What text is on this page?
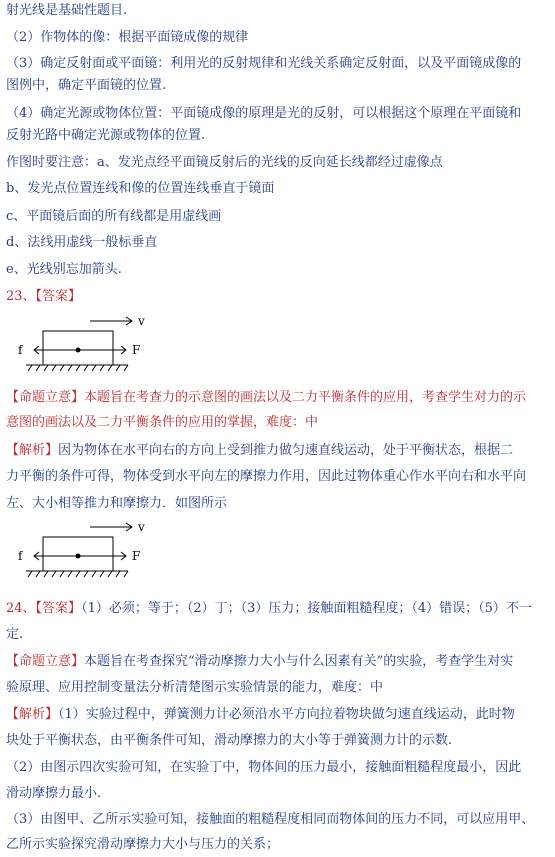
射光线是基础性题目.
（2）作物体的像：根据平面镜成像的规律
（3）确定反射面或平面镜：利用光的反射规律和光线关系确定反射面，以及平面镜成像的
图例中，确定平面镜的位置.
（4）确定光源或物体位置：平面镜成像的原理是光的反射，可以根据这个原理在平面镜和
反射光路中确定光源或物体的位置.
作图时要注意：a、发光点经平面镜反射后的光线的反向延长线都经过虚像点
b、发光点位置连线和像的位置连线垂直于镜面
c、平面镜后面的所有线都是用虚线画
d、法线用虚线一般标垂直
e、光线别忘加箭头.
23、【答案】
v
f	F
【命题立意】本题旨在考查力的示意图的画法以及二力平衡条件的应用，考查学生对力的示
意图的画法以及二力平衡条件的应用的掌握，难度：中
【解析】因为物体在水平向右的方向上受到推力做匀速直线运动，处于平衡状态，根据二
力平衡的条件可得，物体受到水平向左的摩擦力作用，因此过物体重心作水平向右和水平向
左、大小相等推力和摩擦力．如图所示
v
f	F
24、【答案】（1）必须；等于；（2）丁；（3）压力；接触面粗糙程度；（4）错误；（5）不一
定.
【命题立意】本题旨在考查探究“滑动摩擦力大小与什么因素有关”的实验，考查学生对实
验原理、应用控制变量法分析清楚图示实验情景的能力，难度：中
【解析】（1）实验过程中，弹簧测力计必须沿水平方向拉着物块做匀速直线运动，此时物
块处于平衡状态，由平衡条件可知，滑动摩擦力的大小等于弹簧测力计的示数.
（2）由图示四次实验可知，在实验丁中，物体间的压力最小，接触面粗糙程度最小，因此
滑动摩擦力最小.
（3）由图甲、乙所示实验可知，接触面的粗糙程度相同而物体间的压力不同，可以应用甲、
乙所示实验探究滑动摩擦力大小与压力的关系；
